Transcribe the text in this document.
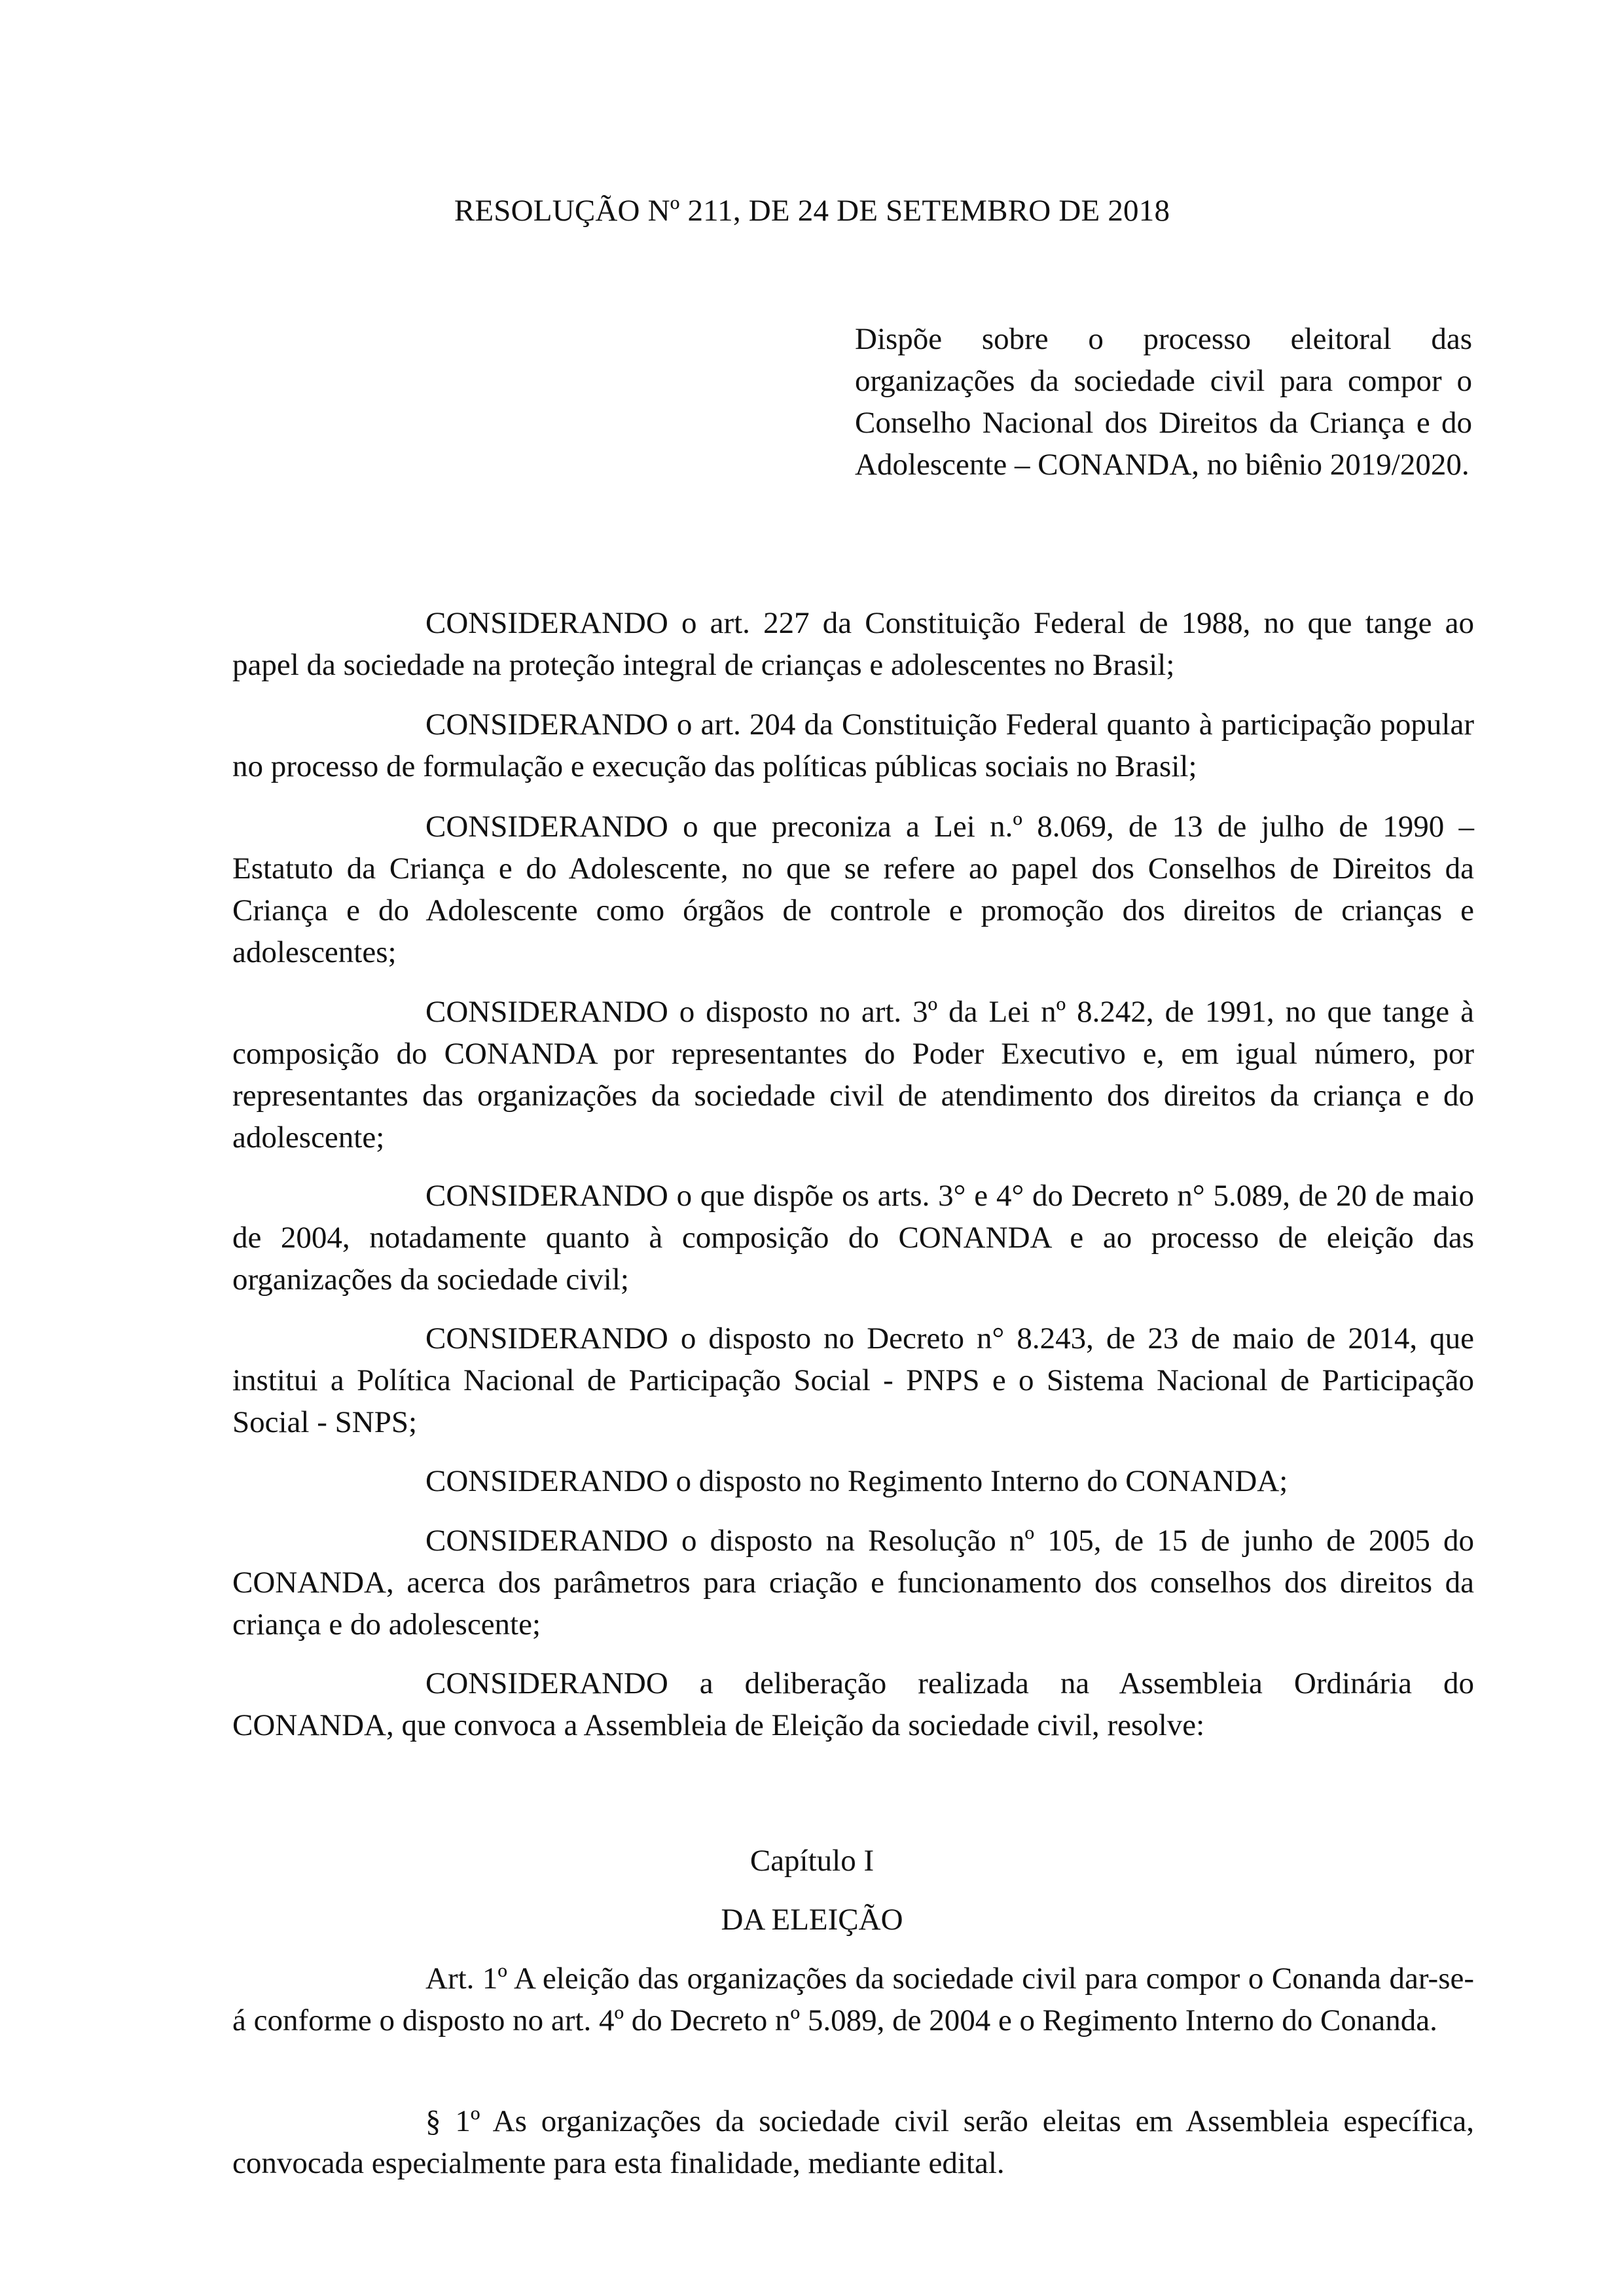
RESOLUÇÃO Nº 211, DE 24 DE SETEMBRO DE 2018
Dispõe sobre o processo eleitoral das organizações da sociedade civil para compor o Conselho Nacional dos Direitos da Criança e do Adolescente – CONANDA, no biênio 2019/2020.

CONSIDERANDO o art. 227 da Constituição Federal de 1988, no que tange ao papel da sociedade na proteção integral de crianças e adolescentes no Brasil;

CONSIDERANDO o art. 204 da Constituição Federal quanto à participação popular no processo de formulação e execução das políticas públicas sociais no Brasil;

CONSIDERANDO o que preconiza a Lei n.º 8.069, de 13 de julho de 1990 – Estatuto da Criança e do Adolescente, no que se refere ao papel dos Conselhos de Direitos da Criança e do Adolescente como órgãos de controle e promoção dos direitos de crianças e adolescentes;

CONSIDERANDO o disposto no art. 3º da Lei nº 8.242, de 1991, no que tange à composição do CONANDA por representantes do Poder Executivo e, em igual número, por representantes das organizações da sociedade civil de atendimento dos direitos da criança e do adolescente;

CONSIDERANDO o que dispõe os arts. 3° e 4° do Decreto n° 5.089, de 20 de maio de 2004, notadamente quanto à composição do CONANDA e ao processo de eleição das organizações da sociedade civil;

CONSIDERANDO o disposto no Decreto n° 8.243, de 23 de maio de 2014, que institui a Política Nacional de Participação Social - PNPS e o Sistema Nacional de Participação Social - SNPS;

CONSIDERANDO o disposto no Regimento Interno do CONANDA;

CONSIDERANDO o disposto na Resolução nº 105, de 15 de junho de 2005 do CONANDA, acerca dos parâmetros para criação e funcionamento dos conselhos dos direitos da criança e do adolescente;

CONSIDERANDO a deliberação realizada na Assembleia Ordinária do CONANDA, que convoca a Assembleia de Eleição da sociedade civil, resolve:

Capítulo I
DA ELEIÇÃO

Art. 1º A eleição das organizações da sociedade civil para compor o Conanda dar-se-á conforme o disposto no art. 4º do Decreto nº 5.089, de 2004 e o Regimento Interno do Conanda.

§ 1º As organizações da sociedade civil serão eleitas em Assembleia específica, convocada especialmente para esta finalidade, mediante edital.
